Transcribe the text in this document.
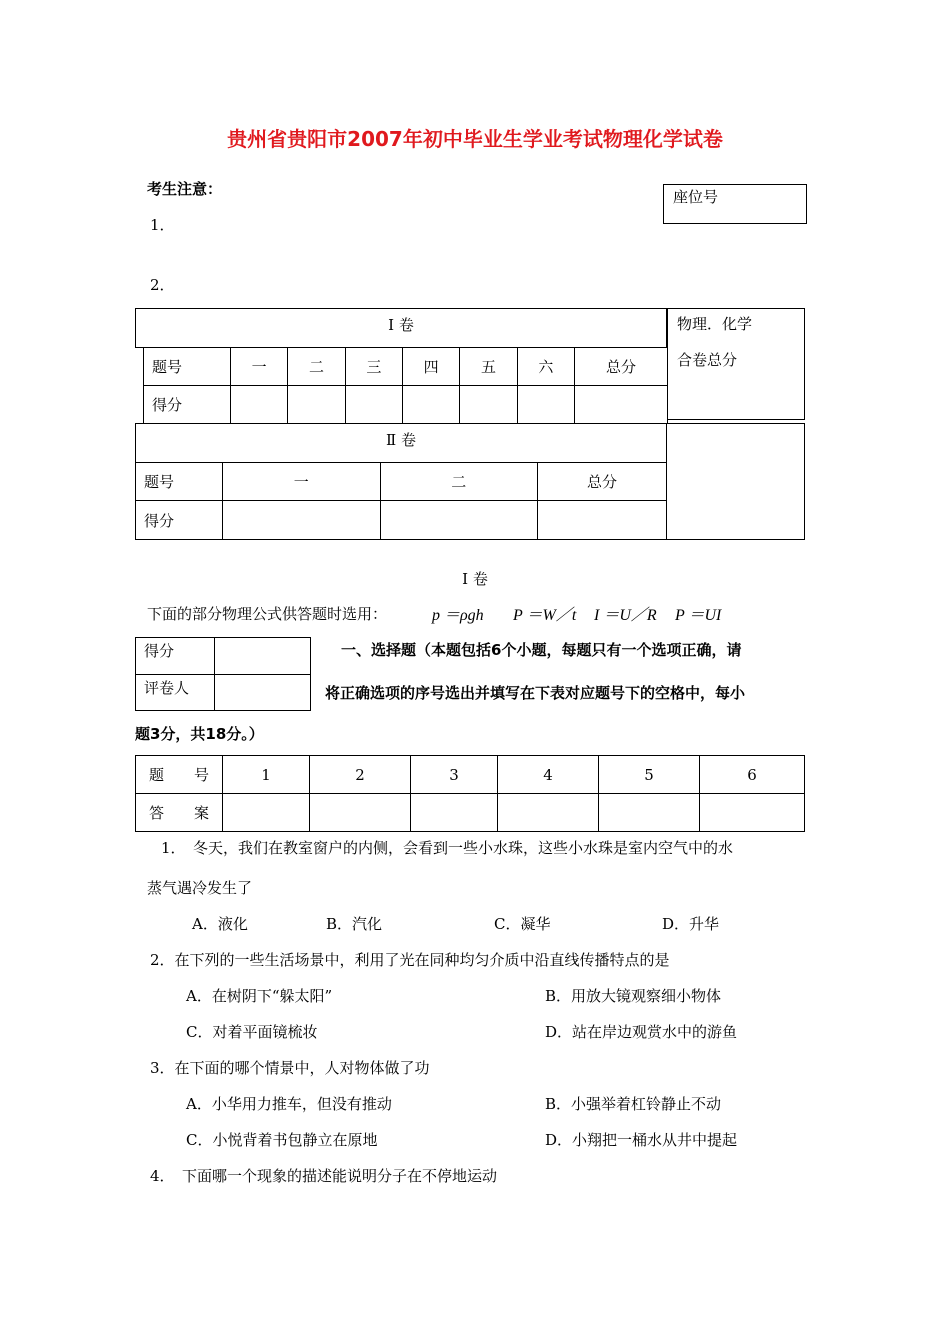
贵州省贵阳市2007年初中毕业生学业考试物理化学试卷
考生注意：
1．
2．
座位号
Ⅰ 卷
题号	一	二	三	四	五	六	总分
得分							
物理．化学
合卷总分
Ⅱ 卷
题号	一	二	总分
得分			
Ⅰ 卷
下面的部分物理公式供答题时选用：	p ＝ρgh P ＝W／t I ＝U／R P ＝UI
得分	
评卷人	
一、选择题（本题包括6个小题，每题只有一个选项正确，请
将正确选项的序号选出并填写在下表对应题号下的空格中，每小
题3分，共18分。）
题　　号	1	2	3	4	5	6
答　　案						
1．　冬天，我们在教室窗户的内侧，会看到一些小水珠，这些小水珠是室内空气中的水
蒸气遇冷发生了
A．液化	B．汽化	C．凝华	D．升华
2．在下列的一些生活场景中，利用了光在同种均匀介质中沿直线传播特点的是
A．在树阴下“躲太阳”	B．用放大镜观察细小物体
C．对着平面镜梳妆	D．站在岸边观赏水中的游鱼
3．在下面的哪个情景中，人对物体做了功
A．小华用力推车，但没有推动	B．小强举着杠铃静止不动
C．小悦背着书包静立在原地	D．小翔把一桶水从井中提起
4．　下面哪一个现象的描述能说明分子在不停地运动
